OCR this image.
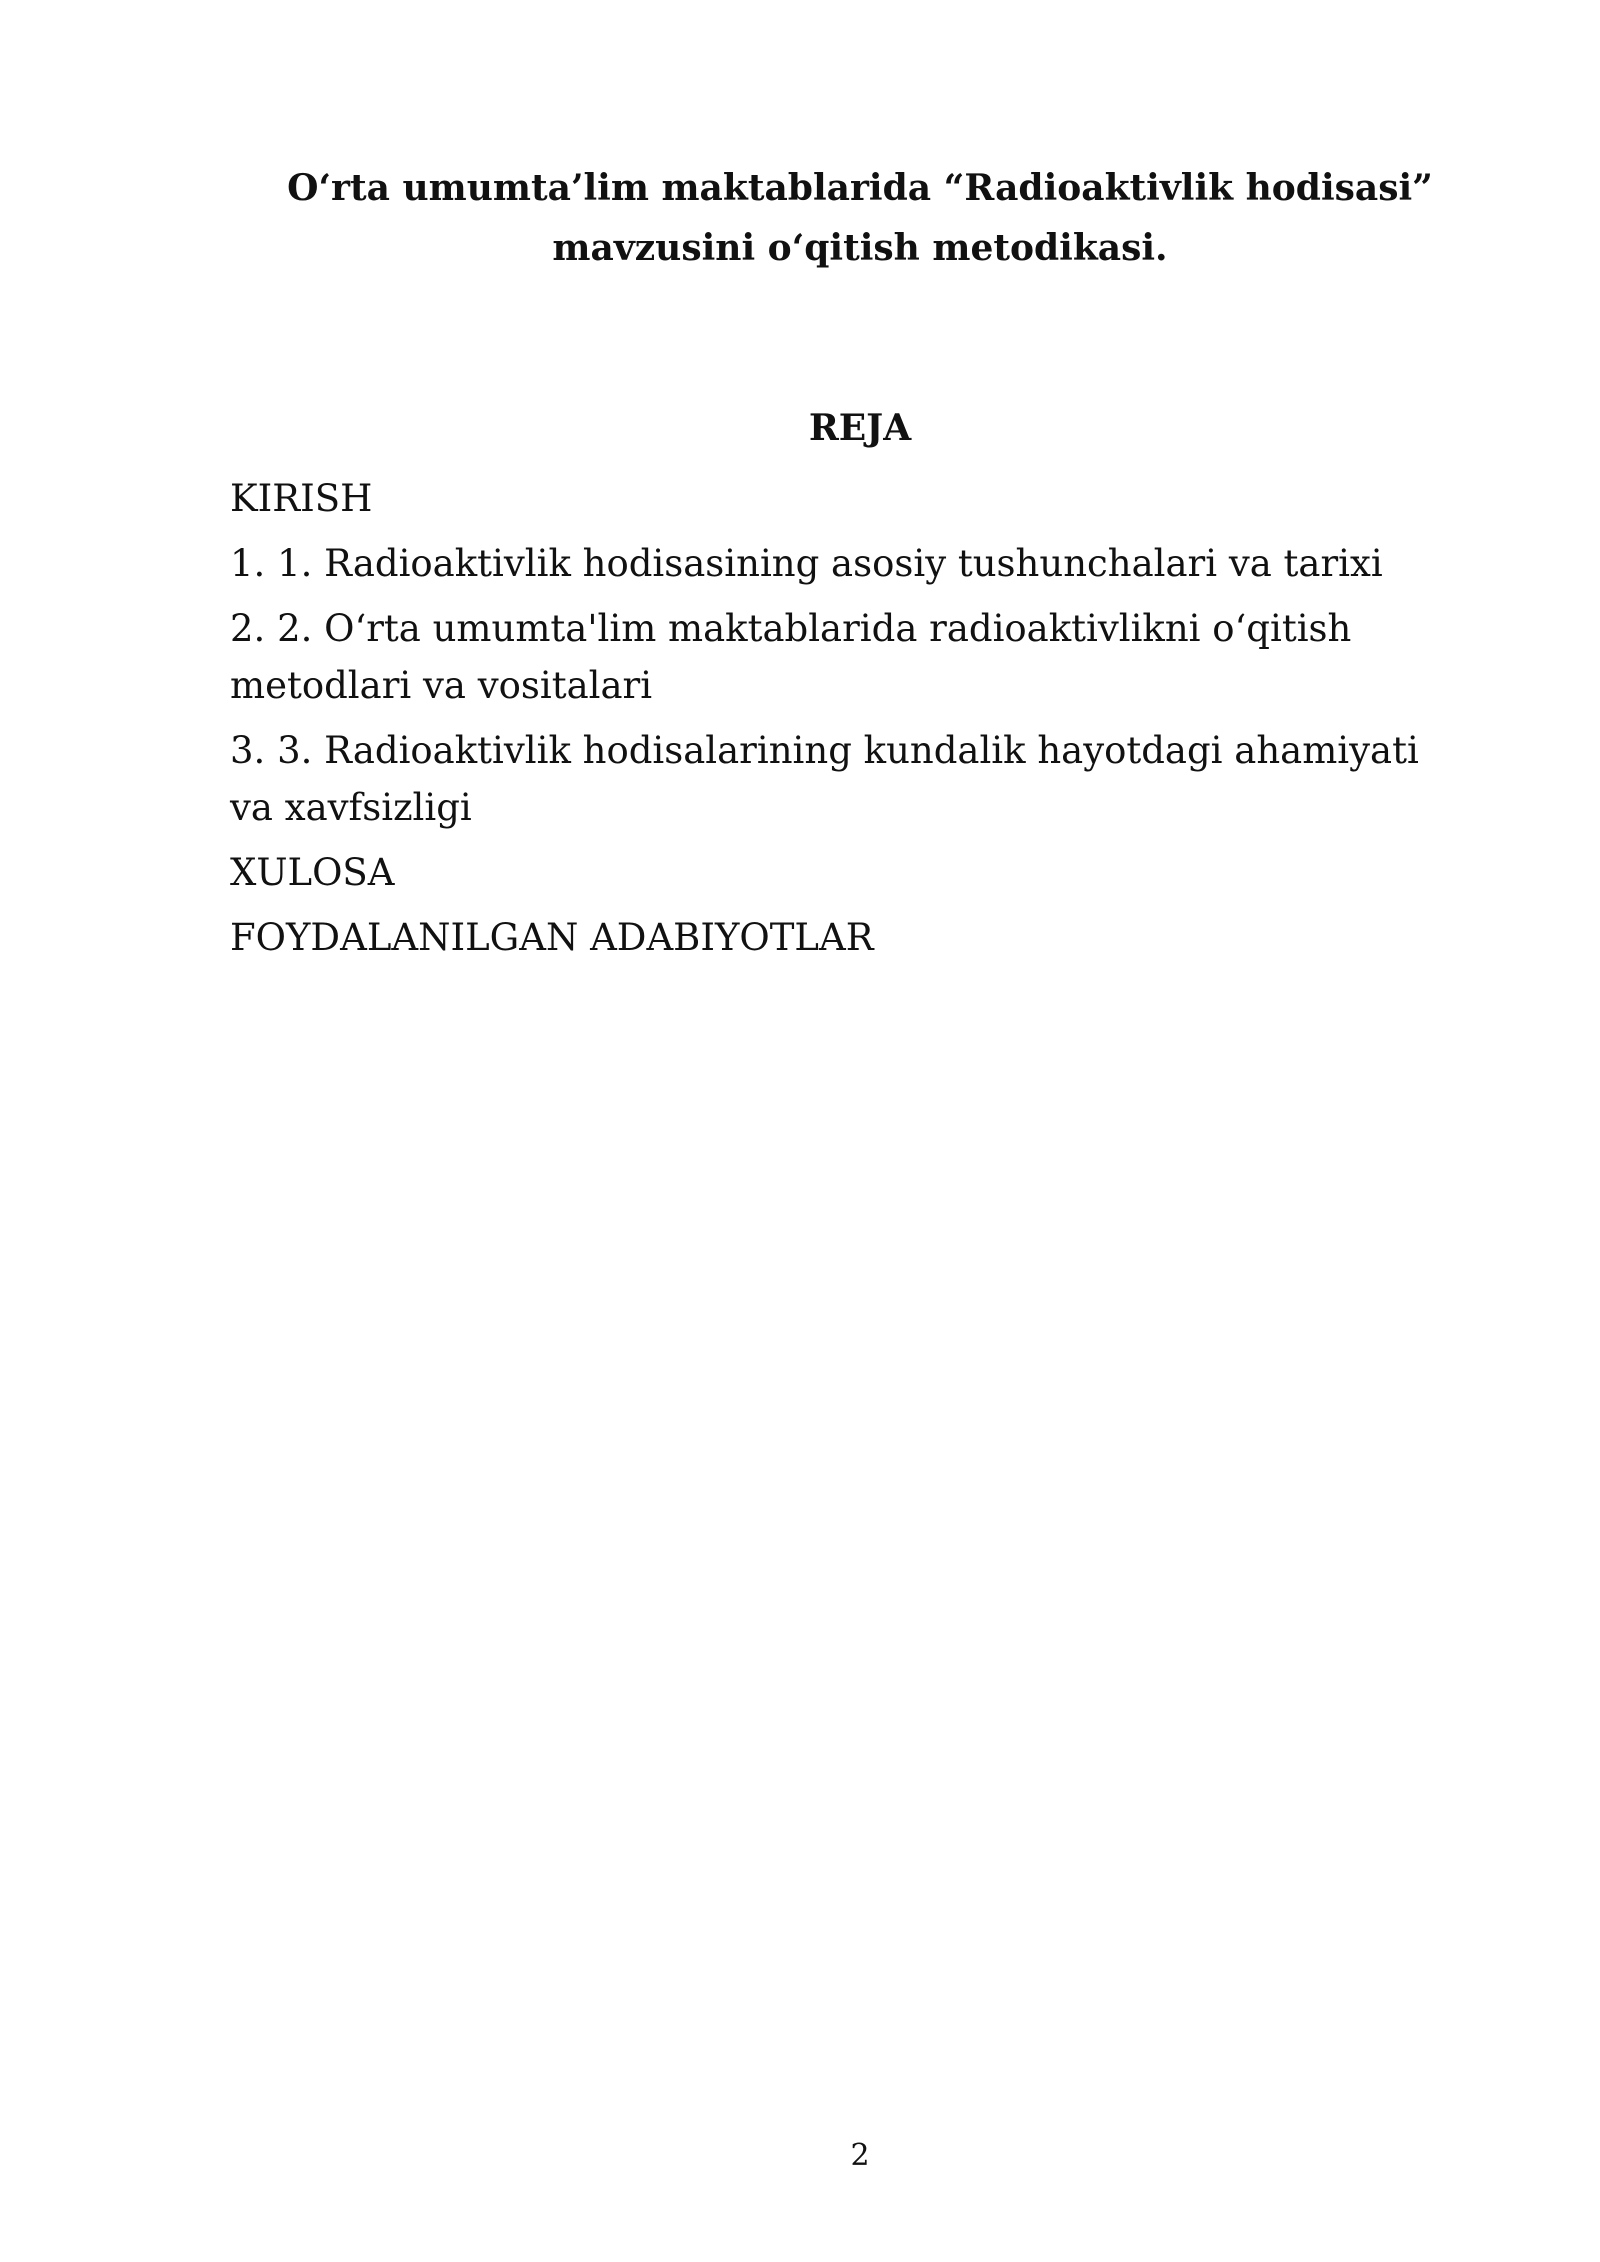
O‘rta umumta’lim maktablarida “Radioaktivlik hodisasi”
mavzusini o‘qitish metodikasi.
REJA
KIRISH
1. 1. Radioaktivlik hodisasining asosiy tushunchalari va tarixi
2. 2. O‘rta umumta'lim maktablarida radioaktivlikni o‘qitish metodlari va vositalari
3. 3. Radioaktivlik hodisalarining kundalik hayotdagi ahamiyati va xavfsizligi
XULOSA
FOYDALANILGAN ADABIYOTLAR
2
